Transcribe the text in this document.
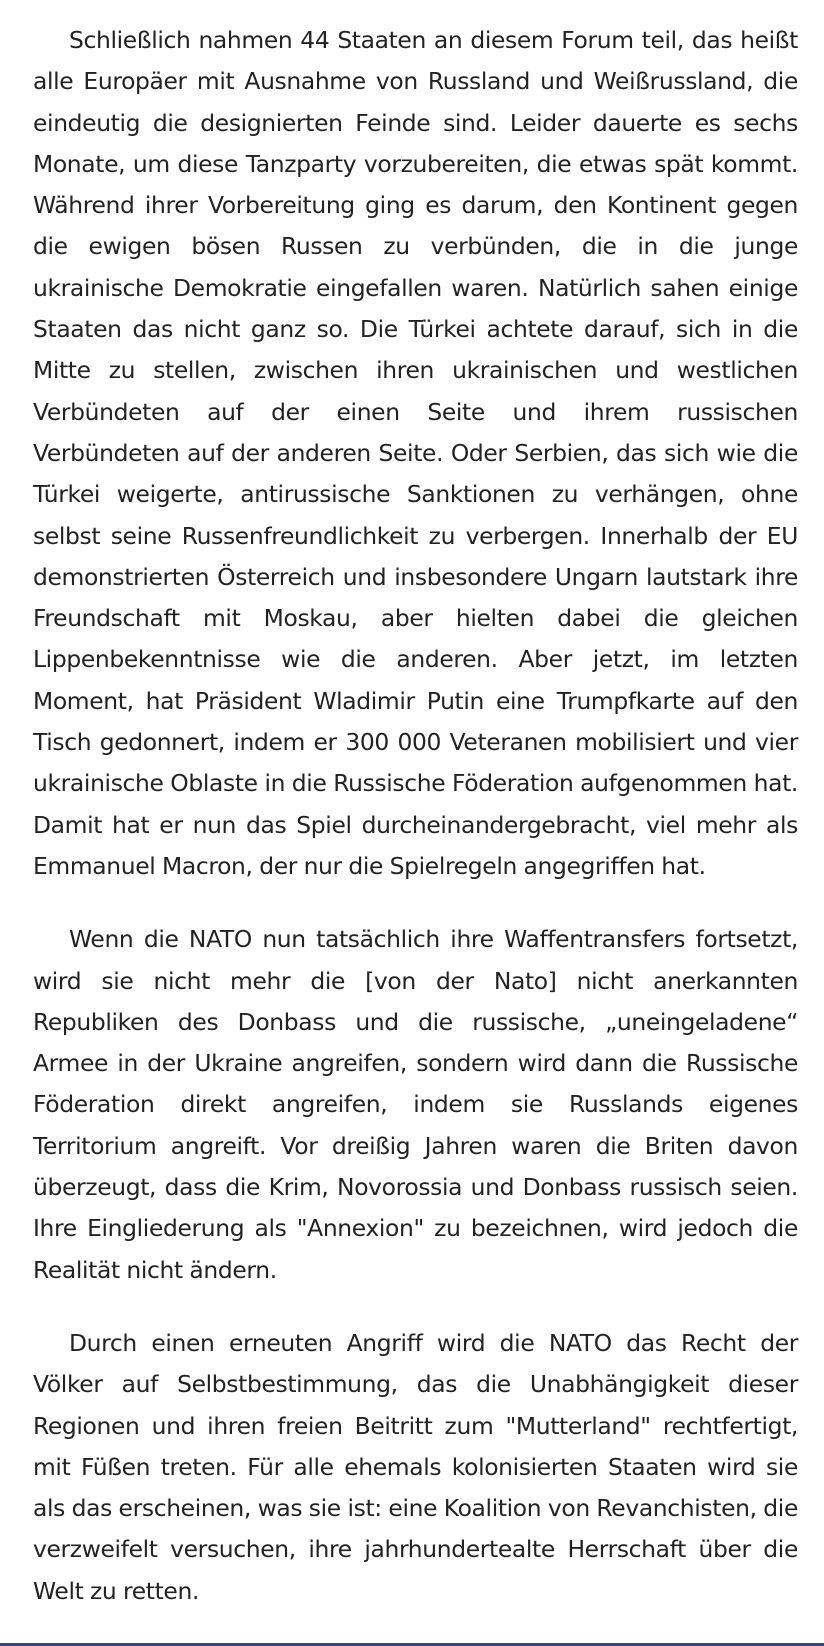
Schließlich nahmen 44 Staaten an diesem Forum teil, das heißt alle Europäer mit Ausnahme von Russland und Weißrussland, die eindeutig die designierten Feinde sind. Leider dauerte es sechs Monate, um diese Tanzparty vorzubereiten, die etwas spät kommt. Während ihrer Vorbereitung ging es darum, den Kontinent gegen die ewigen bösen Russen zu verbünden, die in die junge ukrainische Demokratie eingefallen waren. Natürlich sahen einige Staaten das nicht ganz so. Die Türkei achtete darauf, sich in die Mitte zu stellen, zwischen ihren ukrainischen und westlichen Verbündeten auf der einen Seite und ihrem russischen Verbündeten auf der anderen Seite. Oder Serbien, das sich wie die Türkei weigerte, antirussische Sanktionen zu verhängen, ohne selbst seine Russenfreundlichkeit zu verbergen. Innerhalb der EU demonstrierten Österreich und insbesondere Ungarn lautstark ihre Freundschaft mit Moskau, aber hielten dabei die gleichen Lippenbekenntnisse wie die anderen. Aber jetzt, im letzten Moment, hat Präsident Wladimir Putin eine Trumpfkarte auf den Tisch gedonnert, indem er 300 000 Veteranen mobilisiert und vier ukrainische Oblaste in die Russische Föderation aufgenommen hat. Damit hat er nun das Spiel durcheinandergebracht, viel mehr als Emmanuel Macron, der nur die Spielregeln angegriffen hat.

Wenn die NATO nun tatsächlich ihre Waffentransfers fortsetzt, wird sie nicht mehr die [von der Nato] nicht anerkannten Republiken des Donbass und die russische, „uneingeladene“ Armee in der Ukraine angreifen, sondern wird dann die Russische Föderation direkt angreifen, indem sie Russlands eigenes Territorium angreift. Vor dreißig Jahren waren die Briten davon überzeugt, dass die Krim, Novorossia und Donbass russisch seien. Ihre Eingliederung als "Annexion" zu bezeichnen, wird jedoch die Realität nicht ändern.

Durch einen erneuten Angriff wird die NATO das Recht der Völker auf Selbstbestimmung, das die Unabhängigkeit dieser Regionen und ihren freien Beitritt zum "Mutterland" rechtfertigt, mit Füßen treten. Für alle ehemals kolonisierten Staaten wird sie als das erscheinen, was sie ist: eine Koalition von Revanchisten, die verzweifelt versuchen, ihre jahrhundertealte Herrschaft über die Welt zu retten.
